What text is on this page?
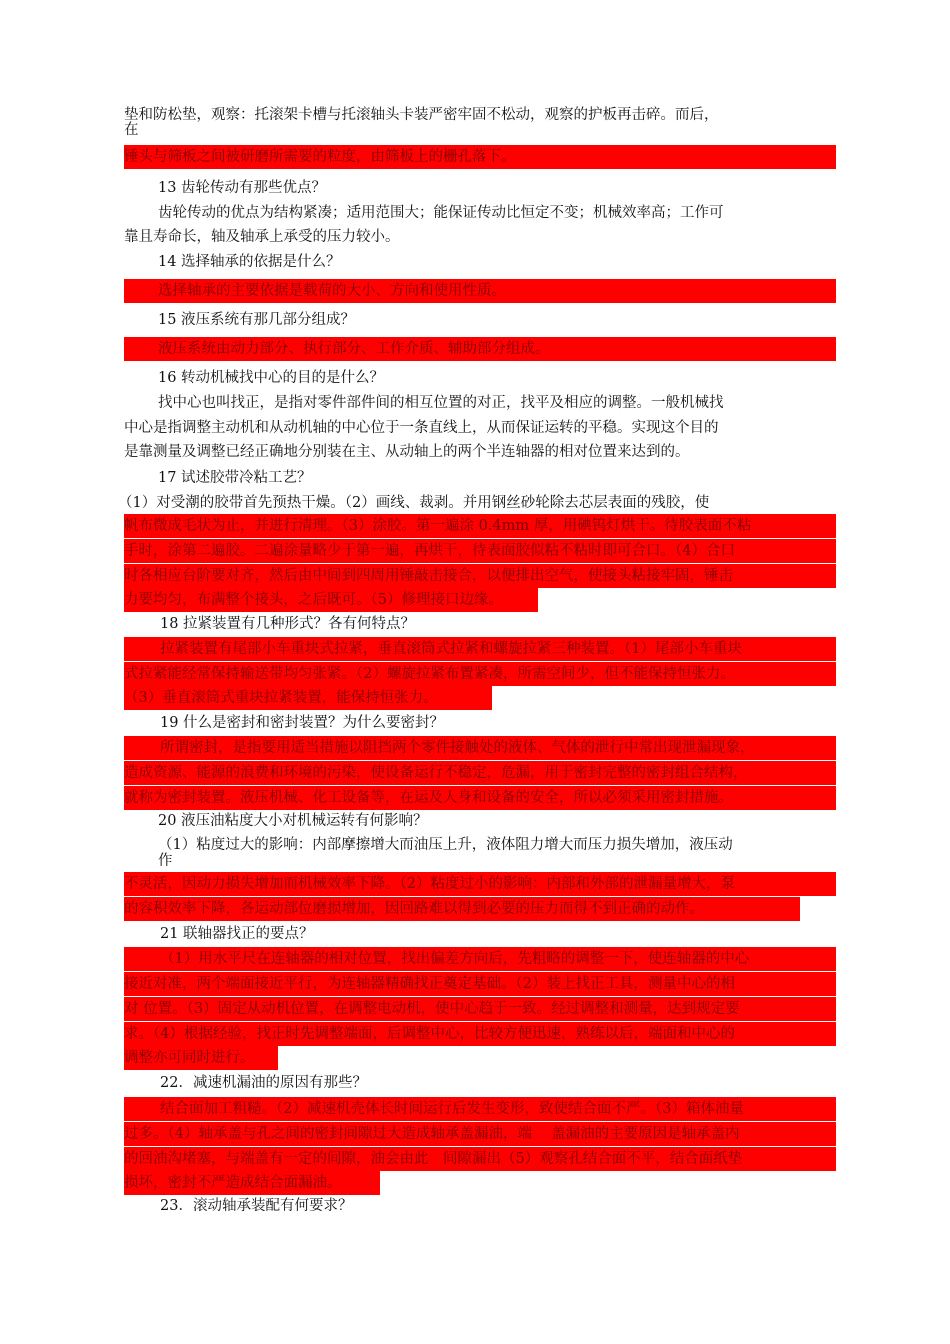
垫和防松垫，观察：托滚架卡槽与托滚轴头卡装严密牢固不松动，观察的护板再击碎。而后，
在
锤头与筛板之间被研磨所需要的粒度，由筛板上的栅孔落下。
13 齿轮传动有那些优点？
齿轮传动的优点为结构紧凑；适用范围大；能保证传动比恒定不变；机械效率高；工作可
靠且寿命长，轴及轴承上承受的压力较小。
14 选择轴承的依据是什么？
选择轴承的主要依据是载荷的大小、方向和使用性质。
15 液压系统有那几部分组成？
液压系统由动力部分、执行部分、工作介质、辅助部分组成。
16 转动机械找中心的目的是什么？
找中心也叫找正，是指对零件部件间的相互位置的对正，找平及相应的调整。一般机械找
中心是指调整主动机和从动机轴的中心位于一条直线上，从而保证运转的平稳。实现这个目的
是靠测量及调整已经正确地分别装在主、从动轴上的两个半连轴器的相对位置来达到的。
17 试述胶带冷粘工艺？
（1）对受潮的胶带首先预热干燥。（2）画线、裁剥。并用钢丝砂轮除去芯层表面的残胶，使
帆布微成毛状为止，并进行清理。（3）涂胶。第一遍涂 0.4mm 厚，用碘钨灯烘干。待胶表面不粘
手时，涂第二遍胶。二遍涂量略少于第一遍，再烘干，待表面胶似粘不粘时即可合口。（4）合口
时各相应台阶要对齐，然后由中间到四周用锤敲击接合，以便排出空气，使接头粘接牢固，锤击
力要均匀，布满整个接头，之后既可。（5）修理接口边缘。
18 拉紧装置有几种形式？各有何特点？
拉紧装置有尾部小车重块式拉紧，垂直滚筒式拉紧和螺旋拉紧三种装置。（1）尾部小车重块
式拉紧能经常保持输送带均匀张紧。（2）螺旋拉紧布置紧凑，所需空间少，但不能保持恒张力。
（3）垂直滚筒式重块拉紧装置，能保持恒张力。
19 什么是密封和密封装置？为什么要密封？
所谓密封，是指要用适当措施以阻挡两个零件接触处的液体、气体的泄行中常出现泄漏现象，
造成资源、能源的浪费和环境的污染，使设备运行不稳定，危漏，用于密封完整的密封组合结构，
就称为密封装置。液压机械、化工设备等，在运及人身和设备的安全，所以必须采用密封措施。
20 液压油粘度大小对机械运转有何影响？
（1）粘度过大的影响：内部摩擦增大而油压上升，液体阻力增大而压力损失增加，液压动
作
不灵活，因动力损失增加而机械效率下降。（2）粘度过小的影响：内部和外部的泄漏量增大，泵
的容积效率下降，各运动部位磨损增加，因回路难以得到必要的压力而得不到正确的动作。
21 联轴器找正的要点？
（1）用水平尺在连轴器的相对位置，找出偏差方向后，先粗略的调整一下，使连轴器的中心
接近对准，两个端面接近平行，为连轴器精确找正奠定基础。（2）装上找正工具，测量中心的相
对 位置。（3）固定从动机位置，在调整电动机，使中心趋于一致。经过调整和测量，达到规定要
求。（4）根据经验，找正时先调整端面，后调整中心，比较方便迅速，熟练以后，端面和中心的
调整亦可同时进行。
22．减速机漏油的原因有那些？
结合面加工粗糙。（2）减速机壳体长时间运行后发生变形，致使结合面不严。（3）箱体油量
过多。（4）轴承盖与孔之间的密封间隙过大造成轴承盖漏油，端　 盖漏油的主要原因是轴承盖内
的回油沟堵塞，与端盖有一定的间隙，油会由此　间隙漏出（5）观察孔结合面不平，结合面纸垫
损坏，密封不严造成结合面漏油。
23．滚动轴承装配有何要求？
